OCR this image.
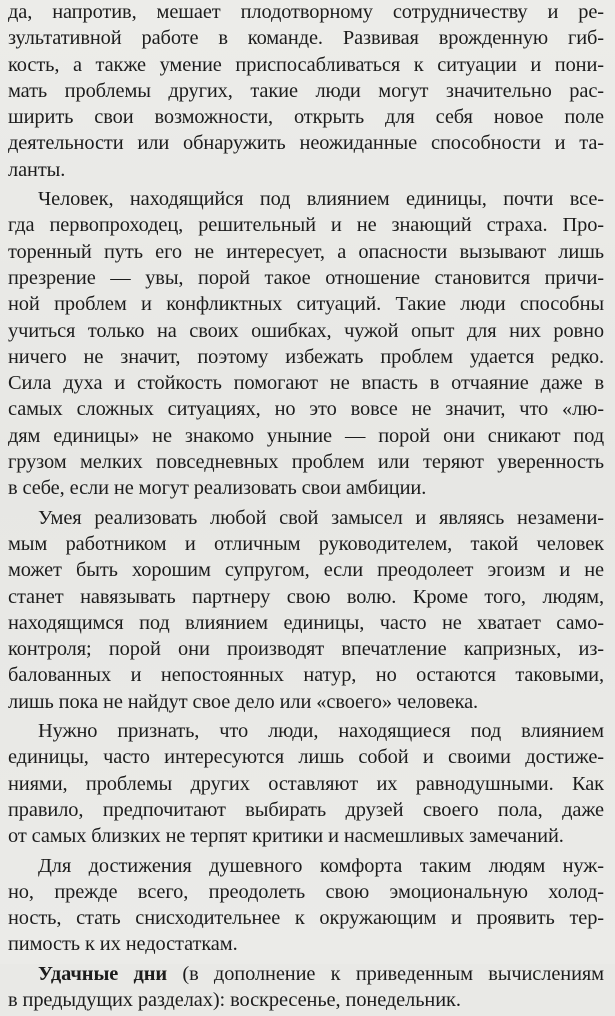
да, напротив, мешает плодотворному сотрудничеству и ре-
зультативной работе в команде. Развивая врожденную гиб-
кость, а также умение приспосабливаться к ситуации и пони-
мать проблемы других, такие люди могут значительно рас-
ширить свои возможности, открыть для себя новое поле
деятельности или обнаружить неожиданные способности и та-
ланты.
Человек, находящийся под влиянием единицы, почти все-
гда первопроходец, решительный и не знающий страха. Про-
торенный путь его не интересует, а опасности вызывают лишь
презрение — увы, порой такое отношение становится причи-
ной проблем и конфликтных ситуаций. Такие люди способны
учиться только на своих ошибках, чужой опыт для них ровно
ничего не значит, поэтому избежать проблем удается редко.
Сила духа и стойкость помогают не впасть в отчаяние даже в
самых сложных ситуациях, но это вовсе не значит, что «лю-
дям единицы» не знакомо уныние — порой они сникают под
грузом мелких повседневных проблем или теряют уверенность
в себе, если не могут реализовать свои амбиции.
Умея реализовать любой свой замысел и являясь незамени-
мым работником и отличным руководителем, такой человек
может быть хорошим супругом, если преодолеет эгоизм и не
станет навязывать партнеру свою волю. Кроме того, людям,
находящимся под влиянием единицы, часто не хватает само-
контроля; порой они производят впечатление капризных, из-
балованных и непостоянных натур, но остаются таковыми,
лишь пока не найдут свое дело или «своего» человека.
Нужно признать, что люди, находящиеся под влиянием
единицы, часто интересуются лишь собой и своими достиже-
ниями, проблемы других оставляют их равнодушными. Как
правило, предпочитают выбирать друзей своего пола, даже
от самых близких не терпят критики и насмешливых замечаний.
Для достижения душевного комфорта таким людям нуж-
но, прежде всего, преодолеть свою эмоциональную холод-
ность, стать снисходительнее к окружающим и проявить тер-
пимость к их недостаткам.
Удачные дни (в дополнение к приведенным вычислениям
в предыдущих разделах): воскресенье, понедельник.
